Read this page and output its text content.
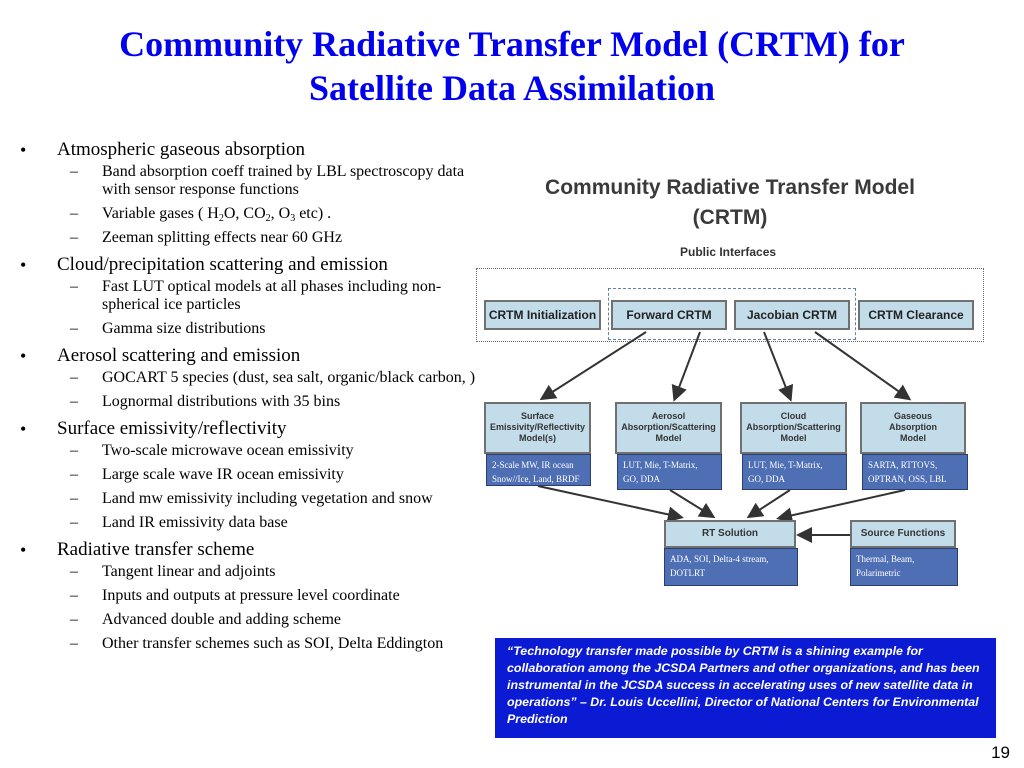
Community Radiative Transfer Model (CRTM) for
Satellite Data Assimilation
• Atmospheric gaseous absorption
– Band absorption coeff trained by LBL spectroscopy data with sensor response functions
– Variable gases ( $H_2O$, $CO_2$, $O_3$ etc) .
– Zeeman splitting effects near 60 GHz
• Cloud/precipitation scattering and emission
– Fast LUT optical models at all phases including non-spherical ice particles
– Gamma size distributions
• Aerosol scattering and emission
– GOCART 5 species (dust, sea salt, organic/black carbon, )
– Lognormal distributions with 35 bins
• Surface emissivity/reflectivity
– Two-scale microwave ocean emissivity
– Large scale wave IR ocean emissivity
– Land mw emissivity including vegetation and snow
– Land IR emissivity data base
• Radiative transfer scheme
– Tangent linear and adjoints
– Inputs and outputs at pressure level coordinate
– Advanced double and adding scheme
– Other transfer schemes such as SOI, Delta Eddington
Community Radiative Transfer Model
(CRTM)
Public Interfaces
CRTM Initialization	Forward CRTM	Jacobian CRTM	CRTM Clearance
Surface
Emissivity/Reflectivity
Model(s)
2-Scale MW, IR ocean
Snow//Ice, Land, BRDF
Aerosol
Absorption/Scattering
Model
LUT, Mie, T-Matrix,
GO, DDA
Cloud
Absorption/Scattering
Model
LUT, Mie, T-Matrix,
GO, DDA
Gaseous
Absorption
Model
SARTA, RTTOVS,
OPTRAN, OSS, LBL
RT Solution
ADA, SOI, Delta-4 stream,
DOTLRT
Source Functions
Thermal, Beam,
Polarimetric
“Technology transfer made possible by CRTM is a shining example for collaboration among the JCSDA Partners and other organizations, and has been instrumental in the JCSDA success in accelerating uses of new satellite data in operations” – Dr. Louis Uccellini, Director of National Centers for Environmental Prediction
19
